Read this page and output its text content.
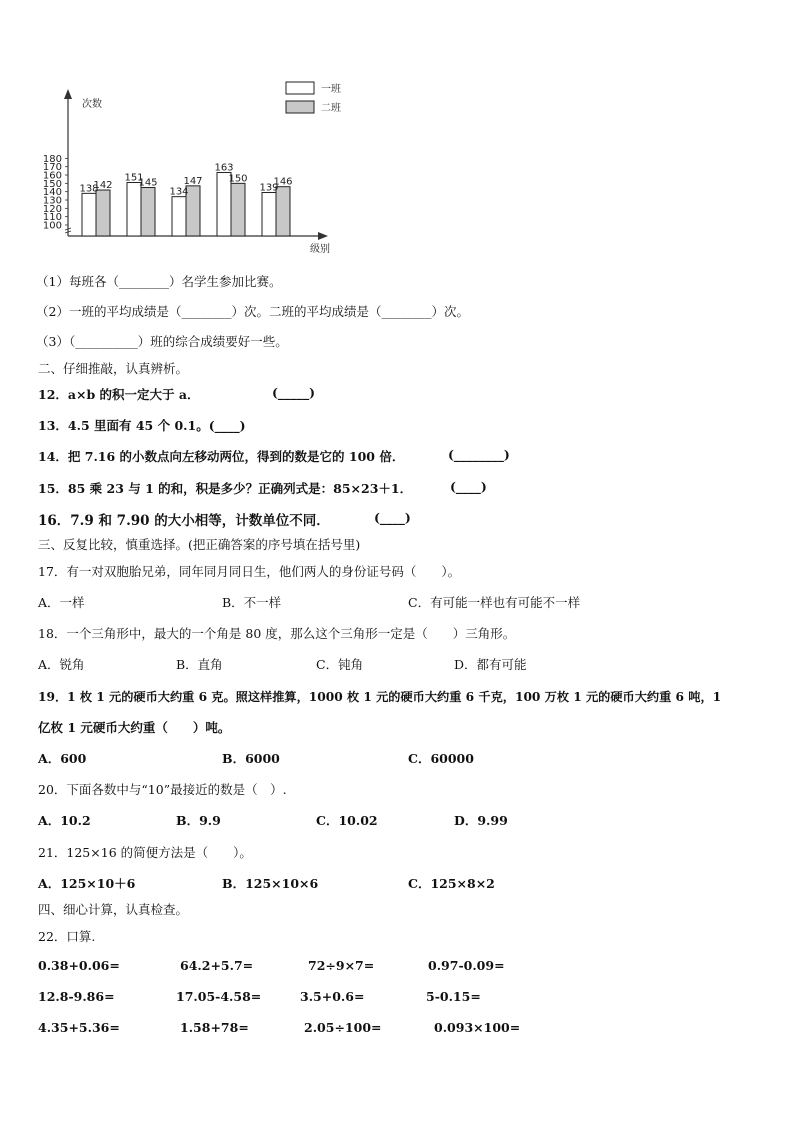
次数
级别
100
110
120
130
140
150
160
170
180
138
142
151
145
134
147
163
150
139
146
一班
二班
（1）每班各（________）名学生参加比赛。
（2）一班的平均成绩是（________）次。二班的平均成绩是（________）次。
（3）（__________）班的综合成绩要好一些。
二、仔细推敲，认真辨析。
12．a×b 的积一定大于 a．	(_____)
13．4.5 里面有 45 个 0.1。(____)
14．把 7.16 的小数点向左移动两位，得到的数是它的 100 倍．	(________)
15．85 乘 23 与 1 的和，积是多少？正确列式是：85×23＋1．	(____)
16．7.9 和 7.90 的大小相等，计数单位不同．	(____)
三、反复比较，慎重选择。(把正确答案的序号填在括号里)
17．有一对双胞胎兄弟，同年同月同日生，他们两人的身份证号码（　　）。
A．一样	B．不一样	C．有可能一样也有可能不一样
18．一个三角形中，最大的一个角是 80 度，那么这个三角形一定是（　　）三角形。
A．锐角	B．直角	C．钝角	D．都有可能
19．1 枚 1 元的硬币大约重 6 克。照这样推算，1000 枚 1 元的硬币大约重 6 千克，100 万枚 1 元的硬币大约重 6 吨，1
亿枚 1 元硬币大约重（　　）吨。
A．600	B．6000	C．60000
20．下面各数中与“10”最接近的数是（　）.
A．10.2	B．9.9	C．10.02	D．9.99
21．125×16 的简便方法是（　　）。
A．125×10＋6	B．125×10×6	C．125×8×2
四、细心计算，认真检查。
22．口算.
0.38+0.06=	64.2+5.7=	72÷9×7=	0.97-0.09=
12.8-9.86=	17.05-4.58=	3.5+0.6=	5-0.15=
4.35+5.36=	1.58+78=	2.05÷100=	0.093×100=
